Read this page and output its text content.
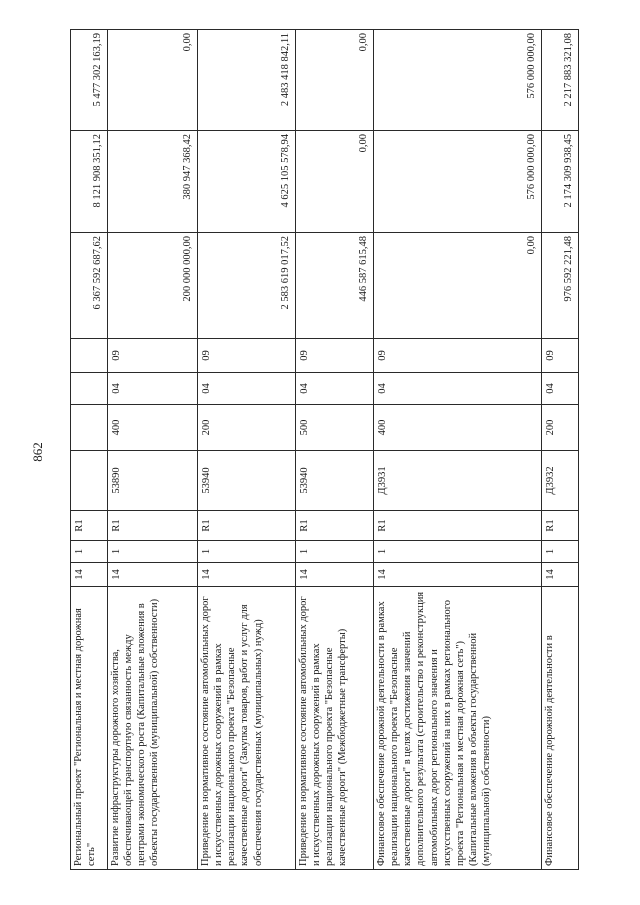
862
Региональный проект "Региональная и местная дорожная сеть"	14	1	R1					6 367 592 687,62	8 121 908 351,12	5 477 302 163,19
Развитие инфраструктуры дорожного хозяйства, обеспечивающей транспортную связанность между центрами экономического роста (Капитальные вложения в объекты государственной (муниципальной) собственности)	14	1	R1	53890	400	04	09	200 000 000,00	380 947 368,42	0,00
Приведение в нормативное состояние автомобильных дорог и искусственных дорожных сооружений в рамках реализации национального проекта "Безопасные качественные дороги" (Закупка товаров, работ и услуг для обеспечения государственных (муниципальных) нужд)	14	1	R1	53940	200	04	09	2 583 619 017,52	4 625 105 578,94	2 483 418 842,11
Приведение в нормативное состояние автомобильных дорог и искусственных дорожных сооружений в рамках реализации национального проекта "Безопасные качественные дороги" (Межбюджетные трансферты)	14	1	R1	53940	500	04	09	446 587 615,48	0,00	0,00
Финансовое обеспечение дорожной деятельности в рамках реализации национального проекта "Безопасные качественные дороги" в целях достижения значений дополнительного результата (строительство и реконструкция автомобильных дорог регионального значения и искусственных сооружений на них в рамках регионального проекта "Региональная и местная дорожная сеть") (Капитальные вложения в объекты государственной (муниципальной) собственности)	14	1	R1	Д3931	400	04	09	0,00	576 000 000,00	576 000 000,00
Финансовое обеспечение дорожной деятельности в	14	1	R1	Д3932	200	04	09	976 592 221,48	2 174 309 938,45	2 217 883 321,08
